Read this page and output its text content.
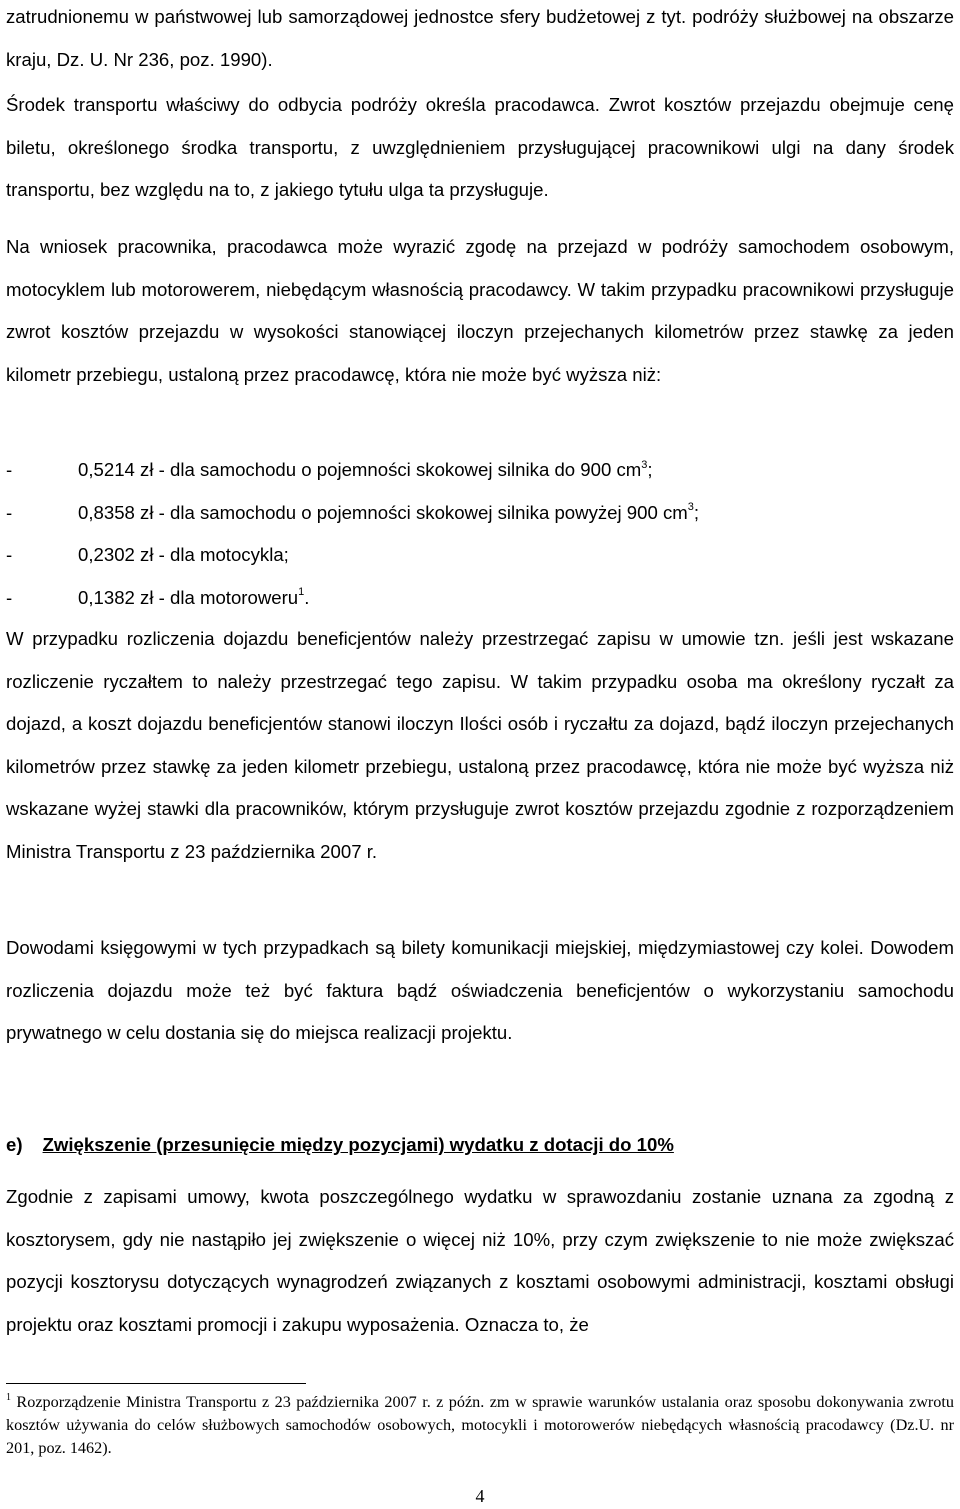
zatrudnionemu w państwowej lub samorządowej jednostce sfery budżetowej z tyt. podróży służbowej na obszarze kraju, Dz. U. Nr 236, poz. 1990).

Środek transportu właściwy do odbycia podróży określa pracodawca. Zwrot kosztów przejazdu obejmuje cenę biletu, określonego środka transportu, z uwzględnieniem przysługującej pracownikowi ulgi na dany środek transportu, bez względu na to, z jakiego tytułu ulga ta przysługuje.

Na wniosek pracownika, pracodawca może wyrazić zgodę na przejazd w podróży samochodem osobowym, motocyklem lub motorowerem, niebędącym własnością pracodawcy. W takim przypadku pracownikowi przysługuje zwrot kosztów przejazdu w wysokości stanowiącej iloczyn przejechanych kilometrów przez stawkę za jeden kilometr przebiegu, ustaloną przez pracodawcę, która nie może być wyższa niż:

-	0,5214 zł - dla samochodu o pojemności skokowej silnika do 900 $cm^3$;
-	0,8358 zł - dla samochodu o pojemności skokowej silnika powyżej 900 $cm^3$;
-	0,2302 zł - dla motocykla;
-	0,1382 zł - dla motoroweru$^1$.

W przypadku rozliczenia dojazdu beneficjentów należy przestrzegać zapisu w umowie tzn. jeśli jest wskazane rozliczenie ryczałtem to należy przestrzegać tego zapisu. W takim przypadku osoba ma określony ryczałt za dojazd, a koszt dojazdu beneficjentów stanowi iloczyn Ilości osób i ryczałtu za dojazd, bądź iloczyn przejechanych kilometrów przez stawkę za jeden kilometr przebiegu, ustaloną przez pracodawcę, która nie może być wyższa niż wskazane wyżej stawki dla pracowników, którym przysługuje zwrot kosztów przejazdu zgodnie z rozporządzeniem Ministra Transportu z 23 października 2007 r.

Dowodami księgowymi w tych przypadkach są bilety komunikacji miejskiej, międzymiastowej czy kolei. Dowodem rozliczenia dojazdu może też być faktura bądź oświadczenia beneficjentów o wykorzystaniu samochodu prywatnego w celu dostania się do miejsca realizacji projektu.

e) Zwiększenie (przesunięcie między pozycjami) wydatku z dotacji do 10%

Zgodnie z zapisami umowy, kwota poszczególnego wydatku w sprawozdaniu zostanie uznana za zgodną z kosztorysem, gdy nie nastąpiło jej zwiększenie o więcej niż 10%, przy czym zwiększenie to nie może zwiększać pozycji kosztorysu dotyczących wynagrodzeń związanych z kosztami osobowymi administracji, kosztami obsługi projektu oraz kosztami promocji i zakupu wyposażenia. Oznacza to, że

$^1$ Rozporządzenie Ministra Transportu z 23 października 2007 r. z późn. zm w sprawie warunków ustalania oraz sposobu dokonywania zwrotu kosztów używania do celów służbowych samochodów osobowych, motocykli i motorowerów niebędących własnością pracodawcy (Dz.U. nr 201, poz. 1462).

4
